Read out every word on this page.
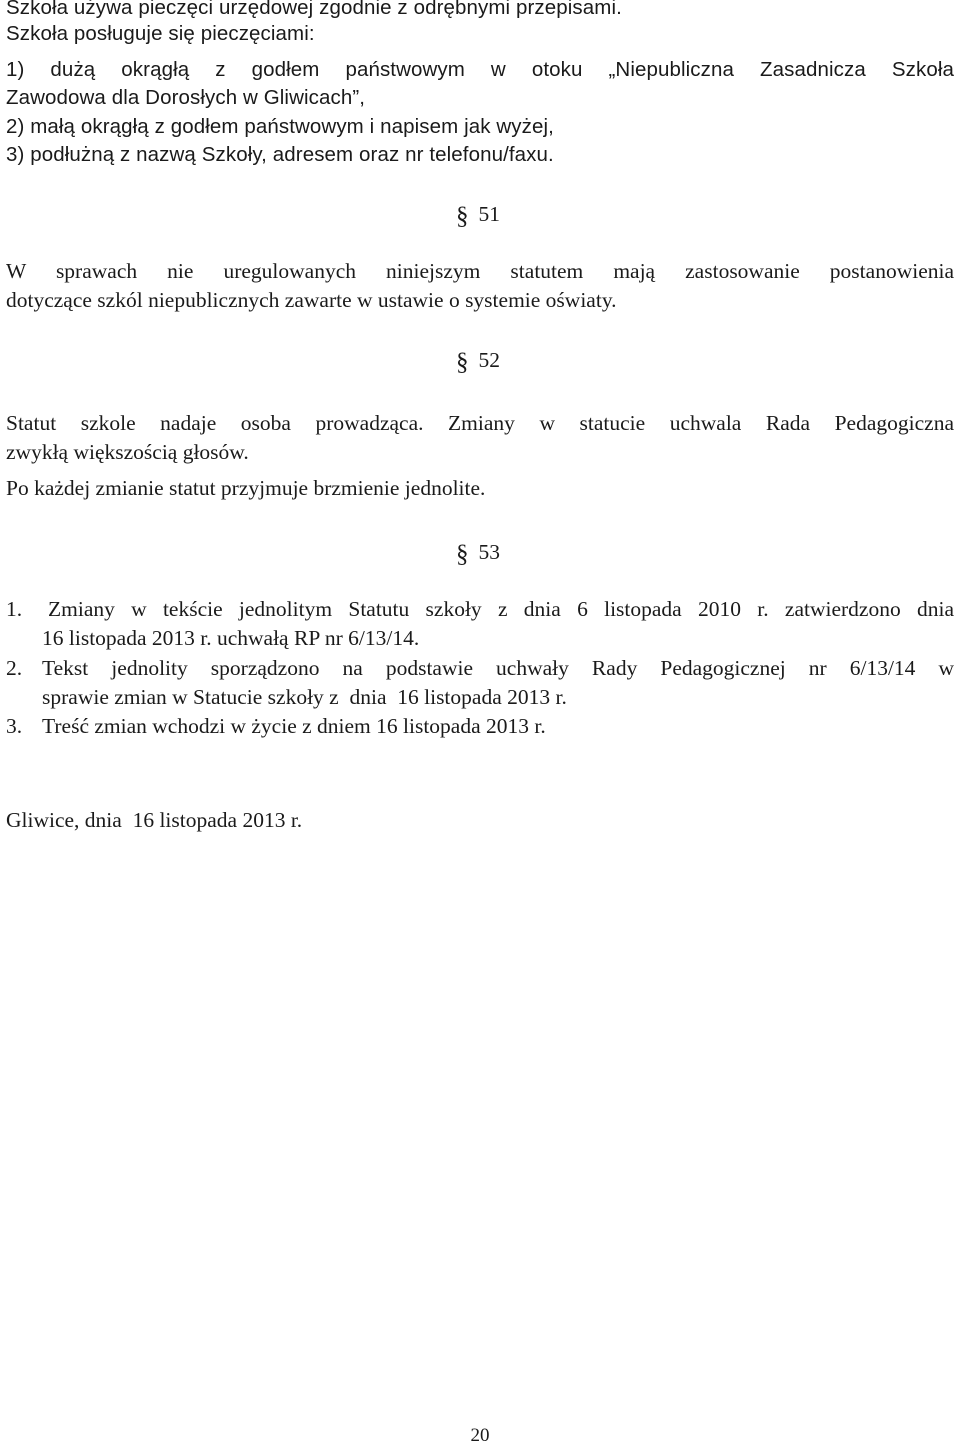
Szkoła używa pieczęci urzędowej zgodnie z odrębnymi przepisami.
Szkoła posługuje się pieczęciami:
1) dużą okrągłą z godłem państwowym w otoku „Niepubliczna Zasadnicza Szkoła
Zawodowa dla Dorosłych w Gliwicach”,
2) małą okrągłą z godłem państwowym i napisem jak wyżej,
3) podłużną z nazwą Szkoły, adresem oraz nr telefonu/faxu.
§ 51
W sprawach nie uregulowanych niniejszym statutem mają zastosowanie postanowienia
dotyczące szkól niepublicznych zawarte w ustawie o systemie oświaty.
§ 52
Statut szkole nadaje osoba prowadząca. Zmiany w statucie uchwala Rada Pedagogiczna
zwykłą większością głosów.
Po każdej zmianie statut przyjmuje brzmienie jednolite.
§ 53
1. Zmiany w tekście jednolitym Statutu szkoły z dnia 6 listopada 2010 r. zatwierdzono dnia
16 listopada 2013 r. uchwałą RP nr 6/13/14.
2. Tekst jednolity sporządzono na podstawie uchwały Rady Pedagogicznej nr 6/13/14 w
sprawie zmian w Statucie szkoły z  dnia  16 listopada 2013 r.
3. Treść zmian wchodzi w życie z dniem 16 listopada 2013 r.
Gliwice, dnia  16 listopada 2013 r.
20
